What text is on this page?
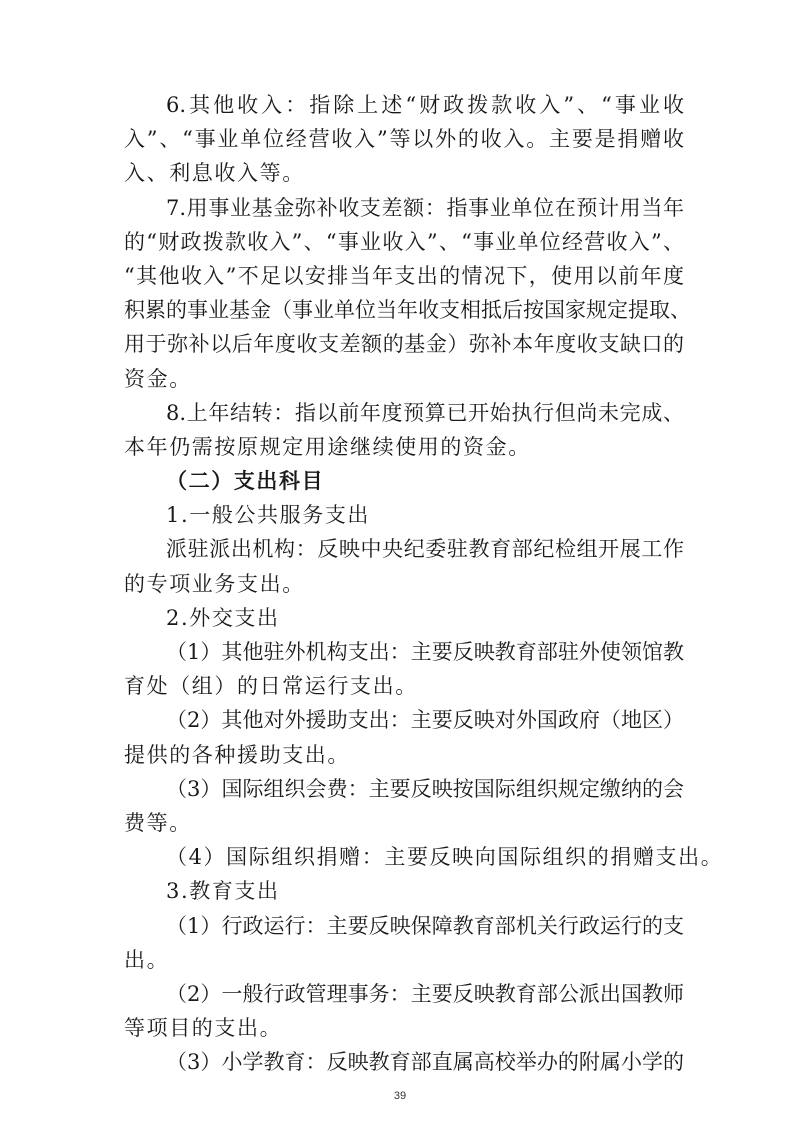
6.其他收入：指除上述“财政拨款收入”、“事业收
入”、“事业单位经营收入”等以外的收入。主要是捐赠收
入、利息收入等。
7.用事业基金弥补收支差额：指事业单位在预计用当年
的“财政拨款收入”、“事业收入”、“事业单位经营收入”、
“其他收入”不足以安排当年支出的情况下，使用以前年度
积累的事业基金（事业单位当年收支相抵后按国家规定提取、
用于弥补以后年度收支差额的基金）弥补本年度收支缺口的
资金。
8.上年结转：指以前年度预算已开始执行但尚未完成、
本年仍需按原规定用途继续使用的资金。
（二）支出科目
1.一般公共服务支出
派驻派出机构：反映中央纪委驻教育部纪检组开展工作
的专项业务支出。
2.外交支出
（1）其他驻外机构支出：主要反映教育部驻外使领馆教
育处（组）的日常运行支出。
（2）其他对外援助支出：主要反映对外国政府（地区）
提供的各种援助支出。
（3）国际组织会费：主要反映按国际组织规定缴纳的会
费等。
（4）国际组织捐赠：主要反映向国际组织的捐赠支出。
3.教育支出
（1）行政运行：主要反映保障教育部机关行政运行的支
出。
（2）一般行政管理事务：主要反映教育部公派出国教师
等项目的支出。
（3）小学教育：反映教育部直属高校举办的附属小学的
39
